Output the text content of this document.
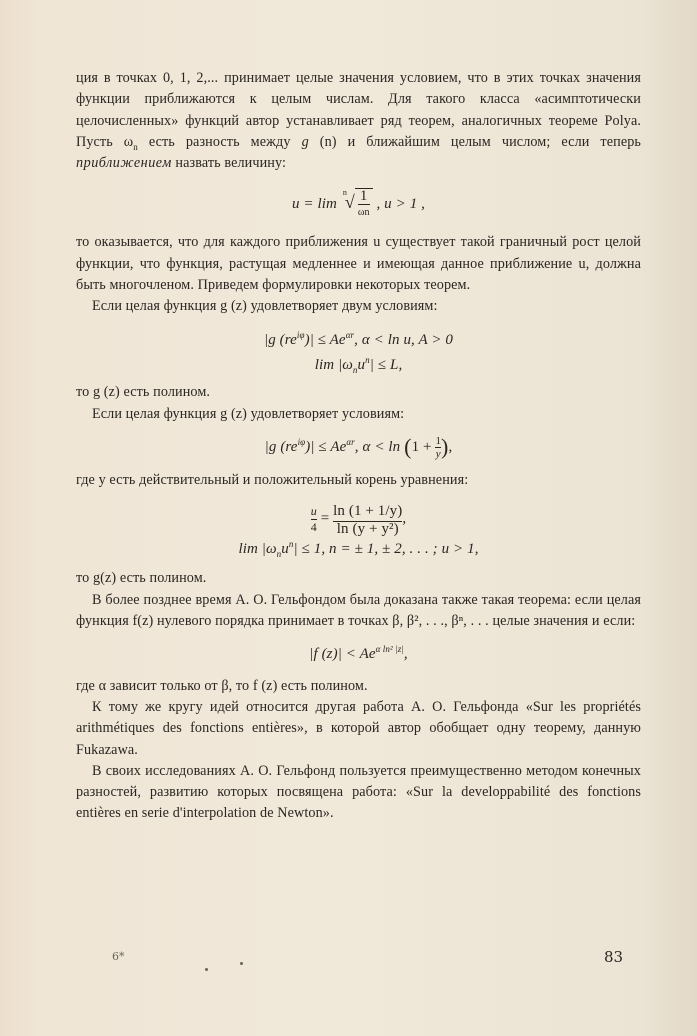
ция в точках 0, 1, 2,... принимает целые значения условием, что в этих точках значения функции приближаются к целым числам. Для такого класса «асимптотически целочисленных» функций автор устанавливает ряд теорем, аналогичных теореме Polya. Пусть $\omega_n$ есть разность между g (n) и ближайшим целым числом; если теперь приближением назвать величину:

u = lim
n
√ $\frac{1}{\omega n}$ , u > 1 ,

то оказывается, что для каждого приближения u существует такой граничный рост целой функции, что функция, растущая медленнее и имеющая данное приближение u, должна быть многочленом. Приведем формулировки некоторых теорем.

Если целая функция g (z) удовлетворяет двум условиям:

|g $(re^{i\varphi})| \le Ae^{\alpha r}$, α < ln u, A > 0
$\lim |\omega_nu^n| \le L$,

то g (z) есть полином.

Если целая функция g (z) удовлетворяет условиям:

|g $(re^{i\varphi})| \le Ae^{\alpha r}$, $\alpha < \ln (1 + \frac{1}{y}$ ),

где y есть действительный и положительный корень уравнения:

$\frac{u}{4} = \frac{\ln (1 + 1/y)}{\text{ln (y + y²)}}$ ,
$\lim |\omega_nu^n| \le 1$, n = ± 1, ± 2, . . . ; u > 1,

то g(z) есть полином.

В более позднее время А. О. Гельфондом была доказана также такая теорема: если целая функция f(z) нулевого порядка принимает в точках β, β², . . ., βⁿ, . . . целые значения и если:

|f $(z)| < Ae^{\alpha ln^2 |z|}$,

где α зависит только от β, то f (z) есть полином.

К тому же кругу идей относится другая работа А. О. Гельфонда «Sur les propriétés arithmétiques des fonctions entières», в которой автор обобщает одну теорему, данную Fukazawa.

В своих исследованиях А. О. Гельфонд пользуется преимущественно методом конечных разностей, развитию которых посвящена работа: «Sur la developpabilité des fonctions entières en serie d'interpolation de Newton».

6*	83
